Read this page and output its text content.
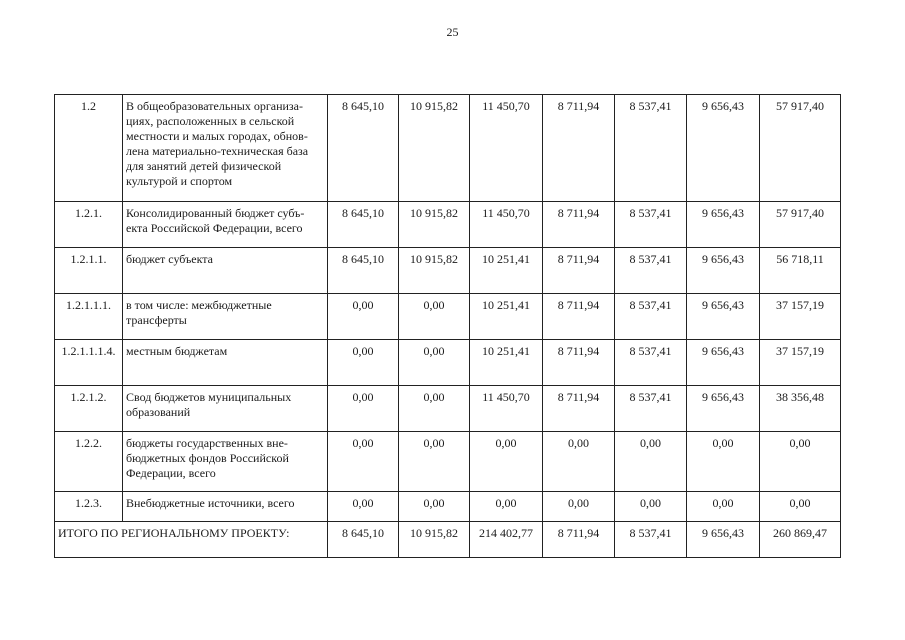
25
1.2	В общеобразовательных организа-циях, расположенных в сельской местности и малых городах, обнов-лена материально-техническая база для занятий детей физической культурой и спортом	8 645,10	10 915,82	11 450,70	8 711,94	8 537,41	9 656,43	57 917,40
1.2.1.	Консолидированный бюджет субъ-екта Российской Федерации, всего	8 645,10	10 915,82	11 450,70	8 711,94	8 537,41	9 656,43	57 917,40
1.2.1.1.	бюджет субъекта	8 645,10	10 915,82	10 251,41	8 711,94	8 537,41	9 656,43	56 718,11
1.2.1.1.1.	в том числе: межбюджетные трансферты	0,00	0,00	10 251,41	8 711,94	8 537,41	9 656,43	37 157,19
1.2.1.1.1.4.	местным бюджетам	0,00	0,00	10 251,41	8 711,94	8 537,41	9 656,43	37 157,19
1.2.1.2.	Свод бюджетов муниципальных образований	0,00	0,00	11 450,70	8 711,94	8 537,41	9 656,43	38 356,48
1.2.2.	бюджеты государственных вне-бюджетных фондов Российской Федерации, всего	0,00	0,00	0,00	0,00	0,00	0,00	0,00
1.2.3.	Внебюджетные источники, всего	0,00	0,00	0,00	0,00	0,00	0,00	0,00
ИТОГО ПО РЕГИОНАЛЬНОМУ ПРОЕКТУ:		8 645,10	10 915,82	214 402,77	8 711,94	8 537,41	9 656,43	260 869,47
